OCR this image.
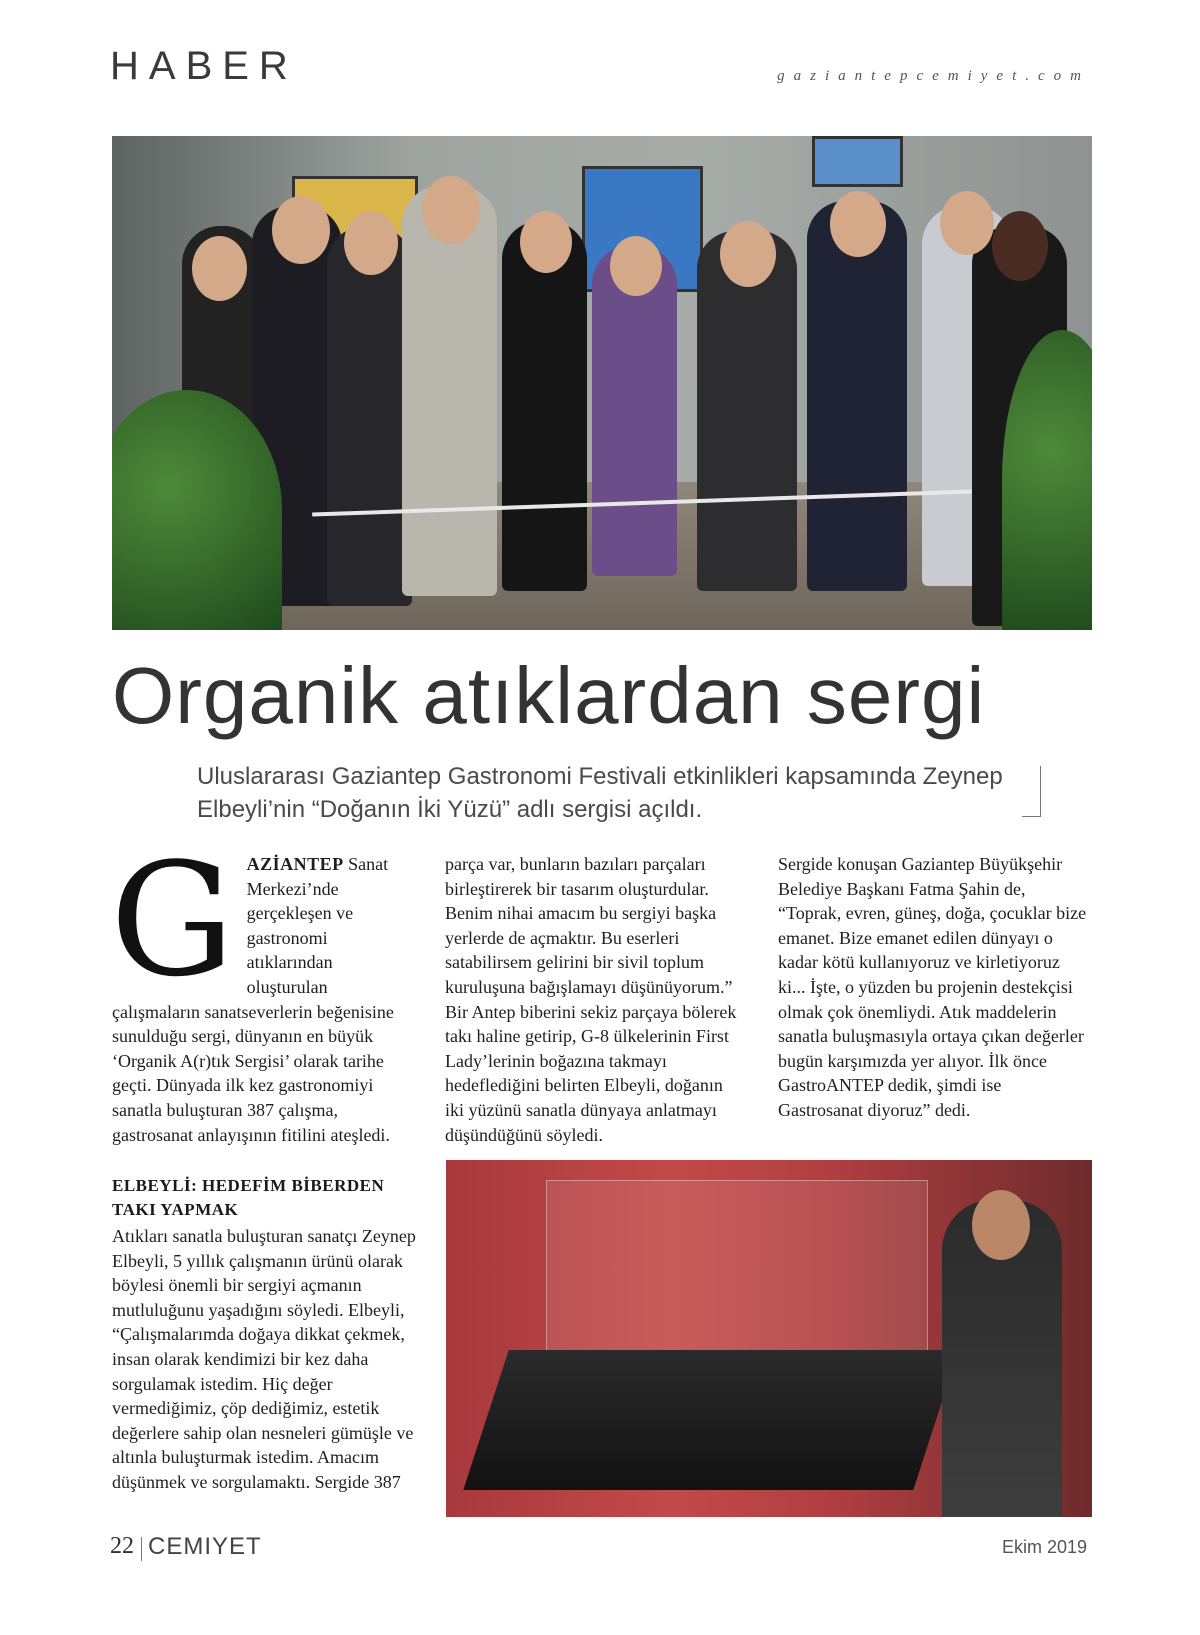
HABER	gaziantepcemiyet.com
Organik atıklardan sergi
Uluslararası Gaziantep Gastronomi Festivali etkinlikleri kapsamında Zeynep Elbeyli’nin “Doğanın İki Yüzü” adlı sergisi açıldı.
G AZİANTEP Sanat Merkezi’nde gerçekleşen ve gastronomi atıklarından oluşturulan çalışmaların sanatseverlerin beğenisine sunulduğu sergi, dünyanın en büyük ‘Organik A(r)tık Sergisi’ olarak tarihe geçti. Dünyada ilk kez gastronomiyi sanatla buluşturan 387 çalışma, gastrosanat anlayışının fitilini ateşledi.

ELBEYLİ: HEDEFİM BİBERDEN TAKI YAPMAK

Atıkları sanatla buluşturan sanatçı Zeynep Elbeyli, 5 yıllık çalışmanın ürünü olarak böylesi önemli bir sergiyi açmanın mutluluğunu yaşadığını söyledi. Elbeyli, “Çalışmalarımda doğaya dikkat çekmek, insan olarak kendimizi bir kez daha sorgulamak istedim. Hiç değer vermediğimiz, çöp dediğimiz, estetik değerlere sahip olan nesneleri gümüşle ve altınla buluşturmak istedim. Amacım düşünmek ve sorgulamaktı. Sergide 387

parça var, bunların bazıları parçaları birleştirerek bir tasarım oluşturdular. Benim nihai amacım bu sergiyi başka yerlerde de açmaktır. Bu eserleri satabilirsem gelirini bir sivil toplum kuruluşuna bağışlamayı düşünüyorum.” Bir Antep biberini sekiz parçaya bölerek takı haline getirip, G-8 ülkelerinin First Lady’lerinin boğazına takmayı hedeflediğini belirten Elbeyli, doğanın iki yüzünü sanatla dünyaya anlatmayı düşündüğünü söyledi.

Sergide konuşan Gaziantep Büyükşehir Belediye Başkanı Fatma Şahin de, “Toprak, evren, güneş, doğa, çocuklar bize emanet. Bize emanet edilen dünyayı o kadar kötü kullanıyoruz ve kirletiyoruz ki... İşte, o yüzden bu projenin destekçisi olmak çok önemliydi. Atık maddelerin sanatla buluşmasıyla ortaya çıkan değerler bugün karşımızda yer alıyor. İlk önce GastroANTEP dedik, şimdi ise Gastrosanat diyoruz” dedi.

22 CEMIYET	Ekim 2019
